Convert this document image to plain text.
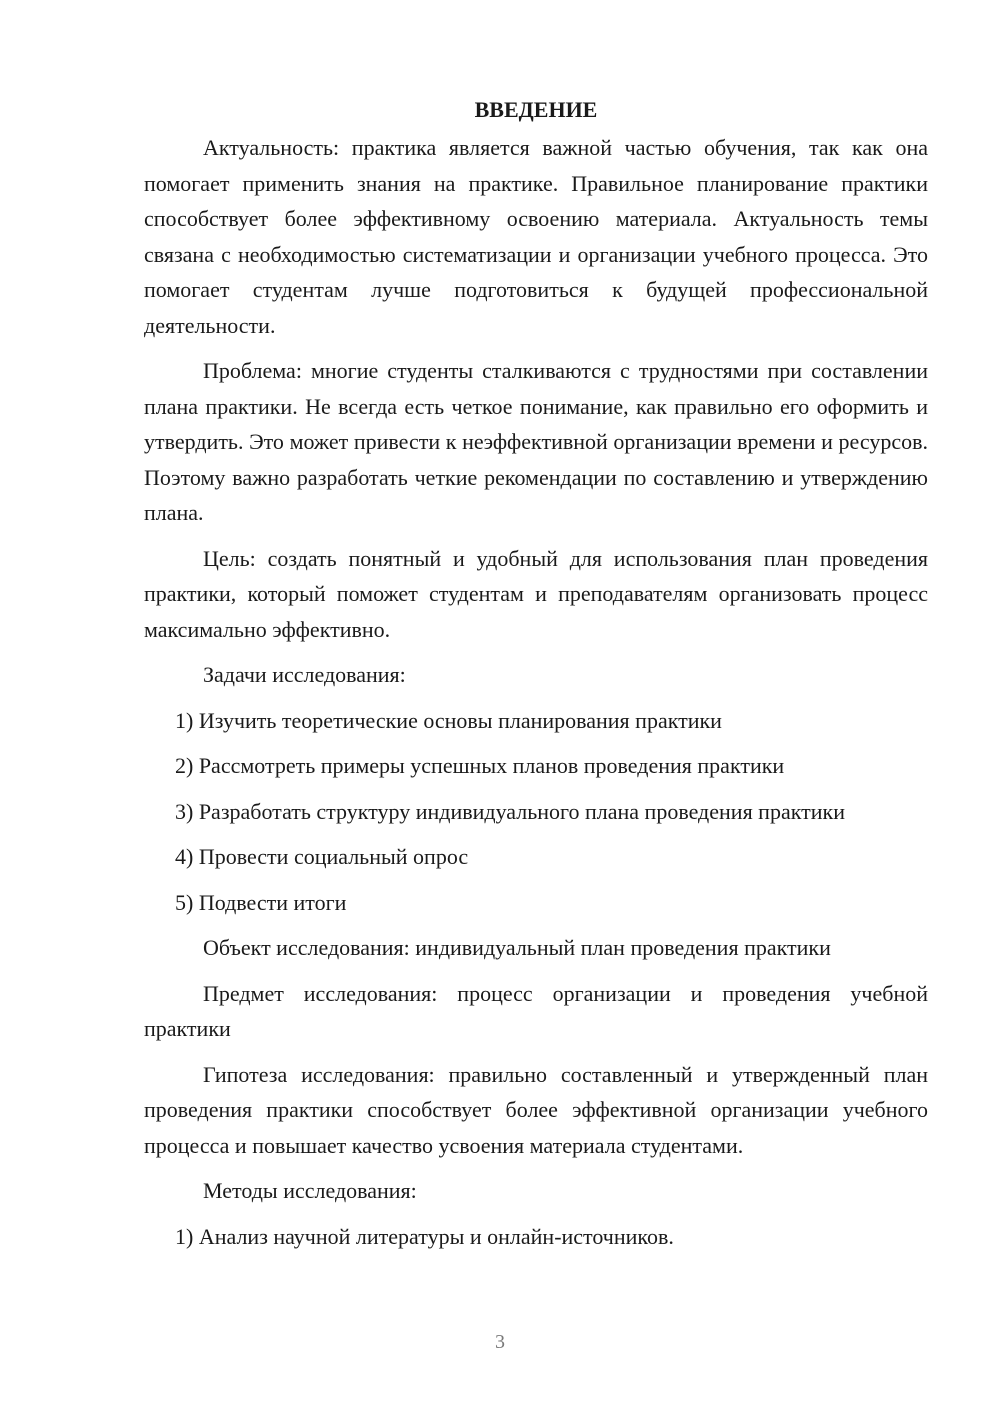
ВВЕДЕНИЕ

Актуальность: практика является важной частью обучения, так как она помогает применить знания на практике. Правильное планирование практики способствует более эффективному освоению материала. Актуальность темы связана с необходимостью систематизации и организации учебного процесса. Это помогает студентам лучше подготовиться к будущей профессиональной деятельности.

Проблема: многие студенты сталкиваются с трудностями при составлении плана практики. Не всегда есть четкое понимание, как правильно его оформить и утвердить. Это может привести к неэффективной организации времени и ресурсов. Поэтому важно разработать четкие рекомендации по составлению и утверждению плана.

Цель: создать понятный и удобный для использования план проведения практики, который поможет студентам и преподавателям организовать процесс максимально эффективно.

Задачи исследования:

1) Изучить теоретические основы планирования практики

2) Рассмотреть примеры успешных планов проведения практики

3) Разработать структуру индивидуального плана проведения практики

4) Провести социальный опрос

5) Подвести итоги

Объект исследования: индивидуальный план проведения практики

Предмет исследования: процесс организации и проведения учебной практики

Гипотеза исследования: правильно составленный и утвержденный план проведения практики способствует более эффективной организации учебного процесса и повышает качество усвоения материала студентами.

Методы исследования:

1) Анализ научной литературы и онлайн-источников.

3
